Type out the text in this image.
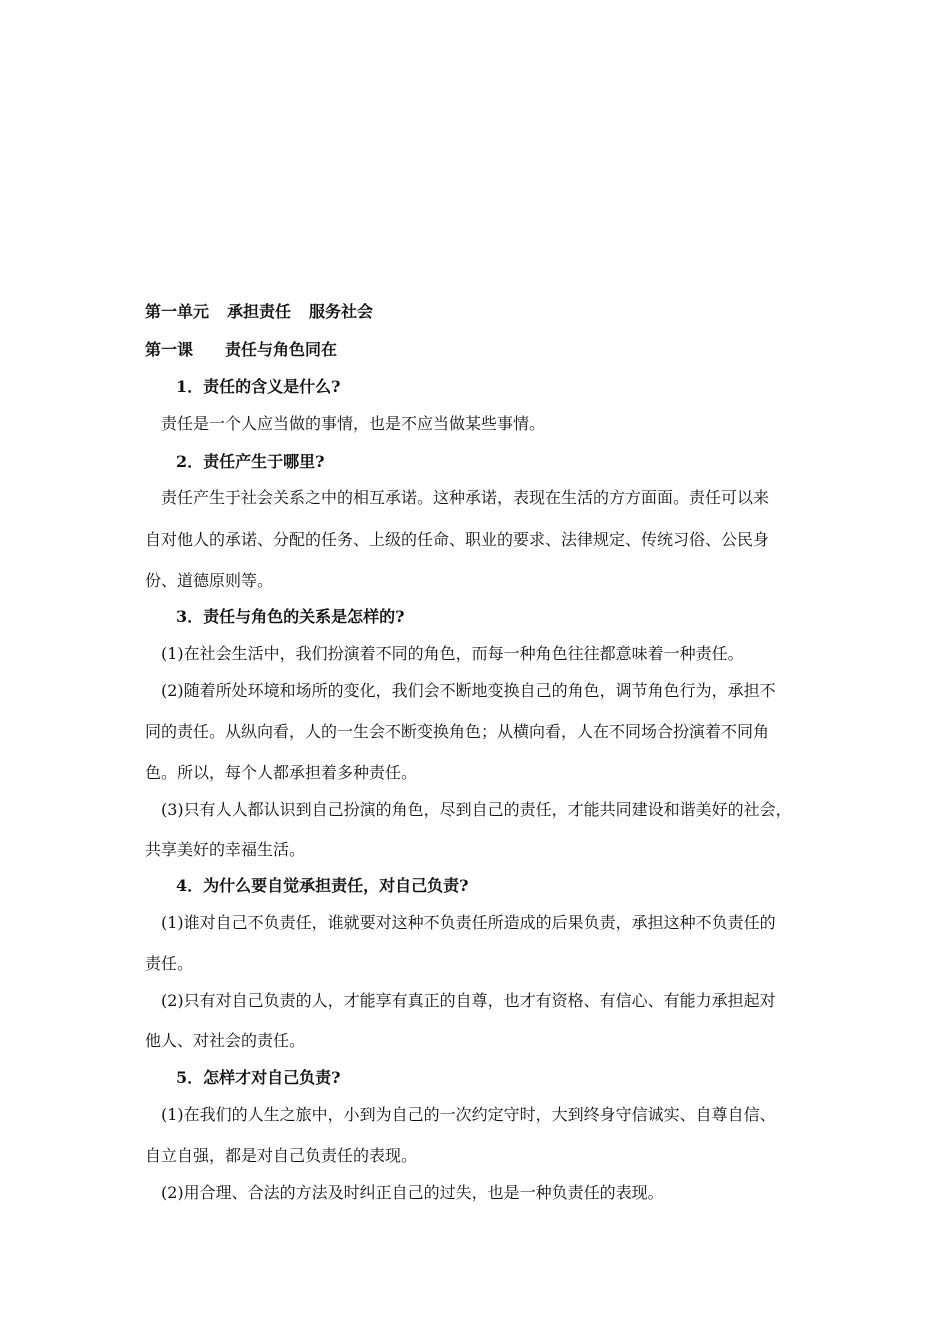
第一单元 承担责任 服务社会
第一课 责任与角色同在
1．责任的含义是什么?
责任是一个人应当做的事情，也是不应当做某些事情。
2．责任产生于哪里?
责任产生于社会关系之中的相互承诺。这种承诺，表现在生活的方方面面。责任可以来
自对他人的承诺、分配的任务、上级的任命、职业的要求、法律规定、传统习俗、公民身
份、道德原则等。
3．责任与角色的关系是怎样的?
(1)在社会生活中，我们扮演着不同的角色，而每一种角色往往都意味着一种责任。
(2)随着所处环境和场所的变化，我们会不断地变换自己的角色，调节角色行为，承担不
同的责任。从纵向看，人的一生会不断变换角色；从横向看，人在不同场合扮演着不同角
色。所以，每个人都承担着多种责任。
(3)只有人人都认识到自己扮演的角色，尽到自己的责任，才能共同建设和谐美好的社会，
共享美好的幸福生活。
4．为什么要自觉承担责任，对自己负责?
(1)谁对自己不负责任，谁就要对这种不负责任所造成的后果负责，承担这种不负责任的
责任。
(2)只有对自己负责的人，才能享有真正的自尊，也才有资格、有信心、有能力承担起对
他人、对社会的责任。
5．怎样才对自己负责?
(1)在我们的人生之旅中，小到为自己的一次约定守时，大到终身守信诚实、自尊自信、
自立自强，都是对自己负责任的表现。
(2)用合理、合法的方法及时纠正自己的过失，也是一种负责任的表现。
